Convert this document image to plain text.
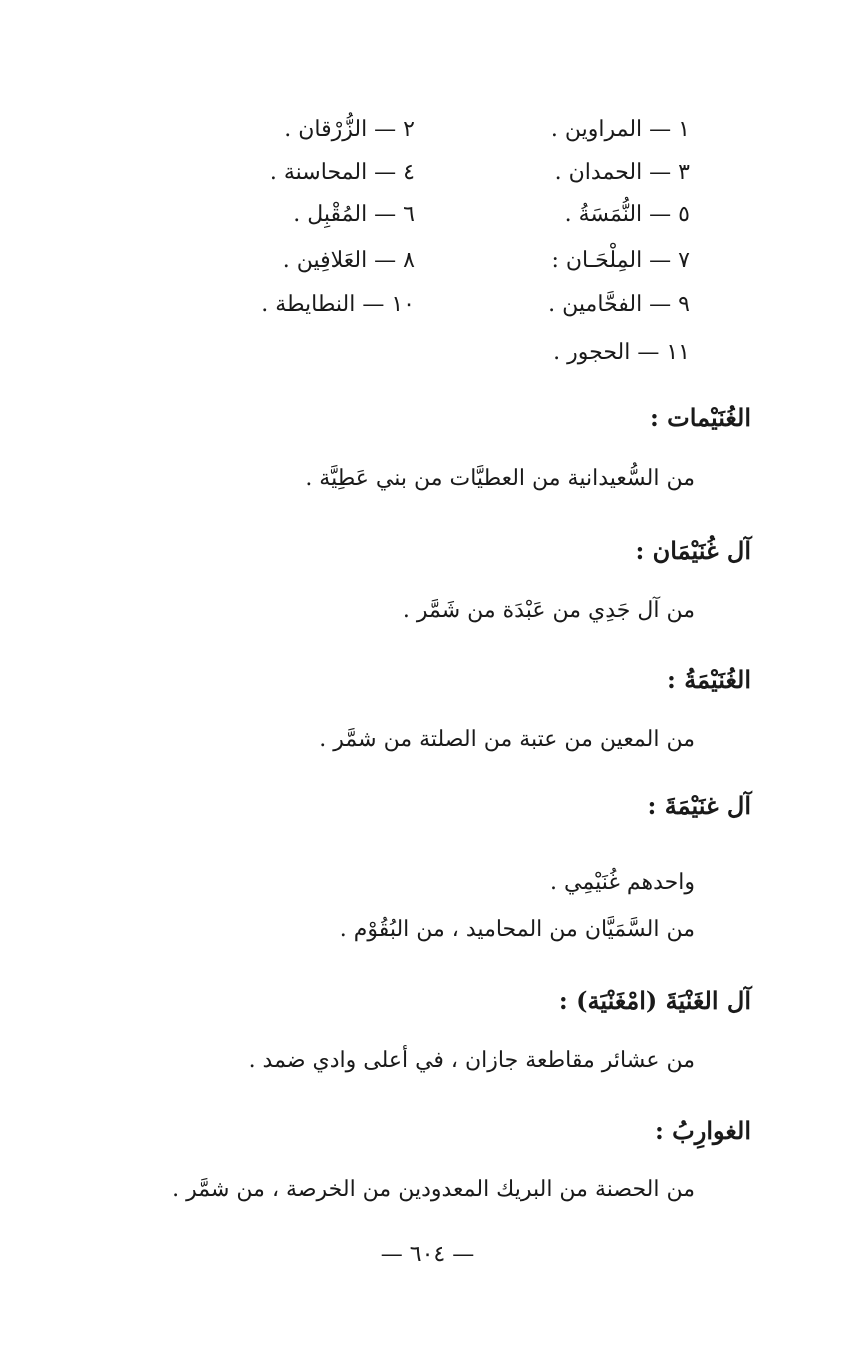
١ — المراوين .
٢ — الزُّرْقان .
٣ — الحمدان .
٤ — المحاسنة .
٥ — النُّمَسَةُ .
٦ — المُقْبِل .
٧ — المِلْحَـان :
٨ — العَلافِين .
٩ — الفحَّامين .
١٠ — النطايطة .
١١ — الحجور .
الغُنَيْمات :
من السُّعيدانية من العطيَّات من بني عَطِيَّة .
آل غُنَيْمَان :
من آل جَدِي من عَبْدَة من شَمَّر .
الغُنَيْمَةُ :
من المعين من عتبة من الصلتة من شمَّر .
آل غنَيْمَةَ :
واحدهم غُنَيْمِي .
من السَّمَيَّان من المحاميد ، من البُقُوْم .
آل الغَنْيَةَ (امْغَنْيَة) :
من عشائر مقاطعة جازان ، في أعلى وادي ضمد .
الغوارِبُ :
من الحصنة من البريك المعدودين من الخرصة ، من شمَّر .
— ٦٠٤ —
